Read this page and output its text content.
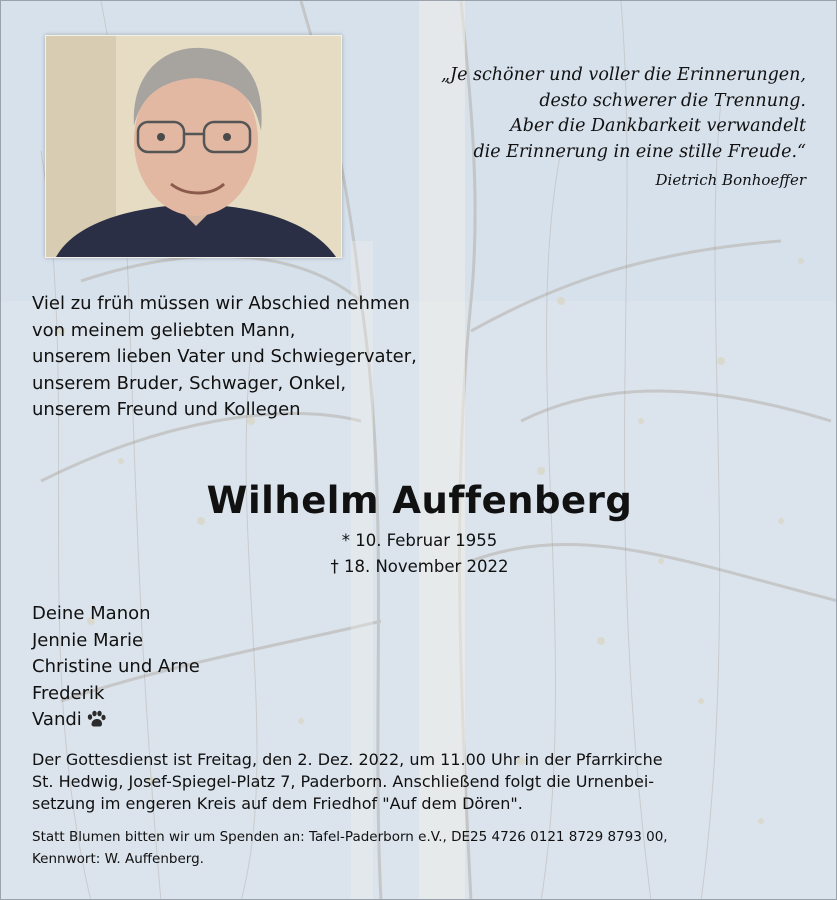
„Je schöner und voller die Erinnerungen,
desto schwerer die Trennung.
Aber die Dankbarkeit verwandelt
die Erinnerung in eine stille Freude.“
Dietrich Bonhoeffer
Viel zu früh müssen wir Abschied nehmen
von meinem geliebten Mann,
unserem lieben Vater und Schwiegervater,
unserem Bruder, Schwager, Onkel,
unserem Freund und Kollegen
Wilhelm Auffenberg
* 10. Februar 1955
† 18. November 2022
Deine Manon
Jennie Marie
Christine und Arne
Frederik
Vandi
Der Gottesdienst ist Freitag, den 2. Dez. 2022, um 11.00 Uhr in der Pfarrkirche
St. Hedwig, Josef-Spiegel-Platz 7, Paderborn. Anschließend folgt die Urnenbei-
setzung im engeren Kreis auf dem Friedhof "Auf dem Dören".
Statt Blumen bitten wir um Spenden an: Tafel-Paderborn e.V., DE25 4726 0121 8729 8793 00,
Kennwort: W. Auffenberg.
